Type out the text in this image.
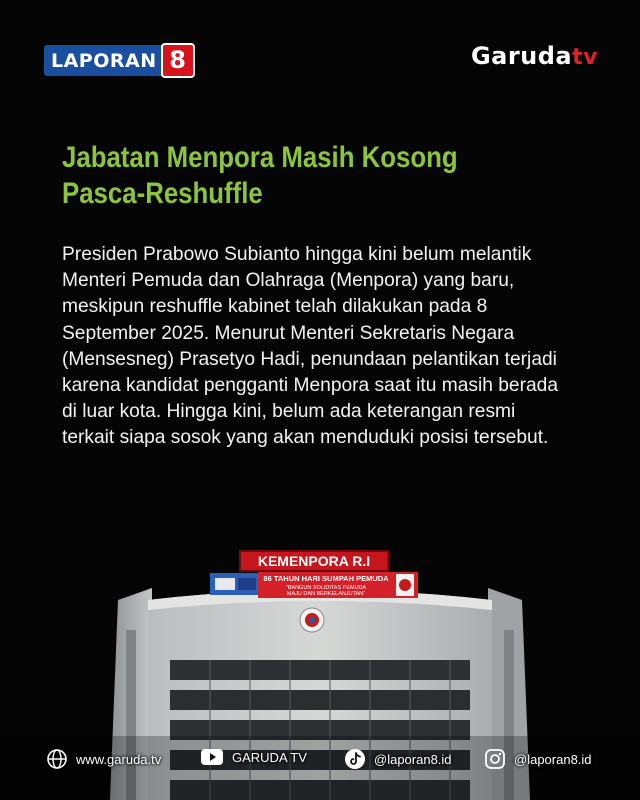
LAPORAN 8	Garudatv
Jabatan Menpora Masih Kosong
Pasca-Reshuffle

Presiden Prabowo Subianto hingga kini belum melantik Menteri Pemuda dan Olahraga (Menpora) yang baru, meskipun reshuffle kabinet telah dilakukan pada 8 September 2025. Menurut Menteri Sekretaris Negara (Mensesneg) Prasetyo Hadi, penundaan pelantikan terjadi karena kandidat pengganti Menpora saat itu masih berada di luar kota. Hingga kini, belum ada keterangan resmi terkait siapa sosok yang akan menduduki posisi tersebut.

KEMENPORA R.I
86 TAHUN HARI SUMPAH PEMUDA
"BANGUN SOLIDITAS PEMUDA
MAJU DAN BERKELANJUTAN"
www.garuda.tv	GARUDA TV	@laporan8.id	@laporan8.id
